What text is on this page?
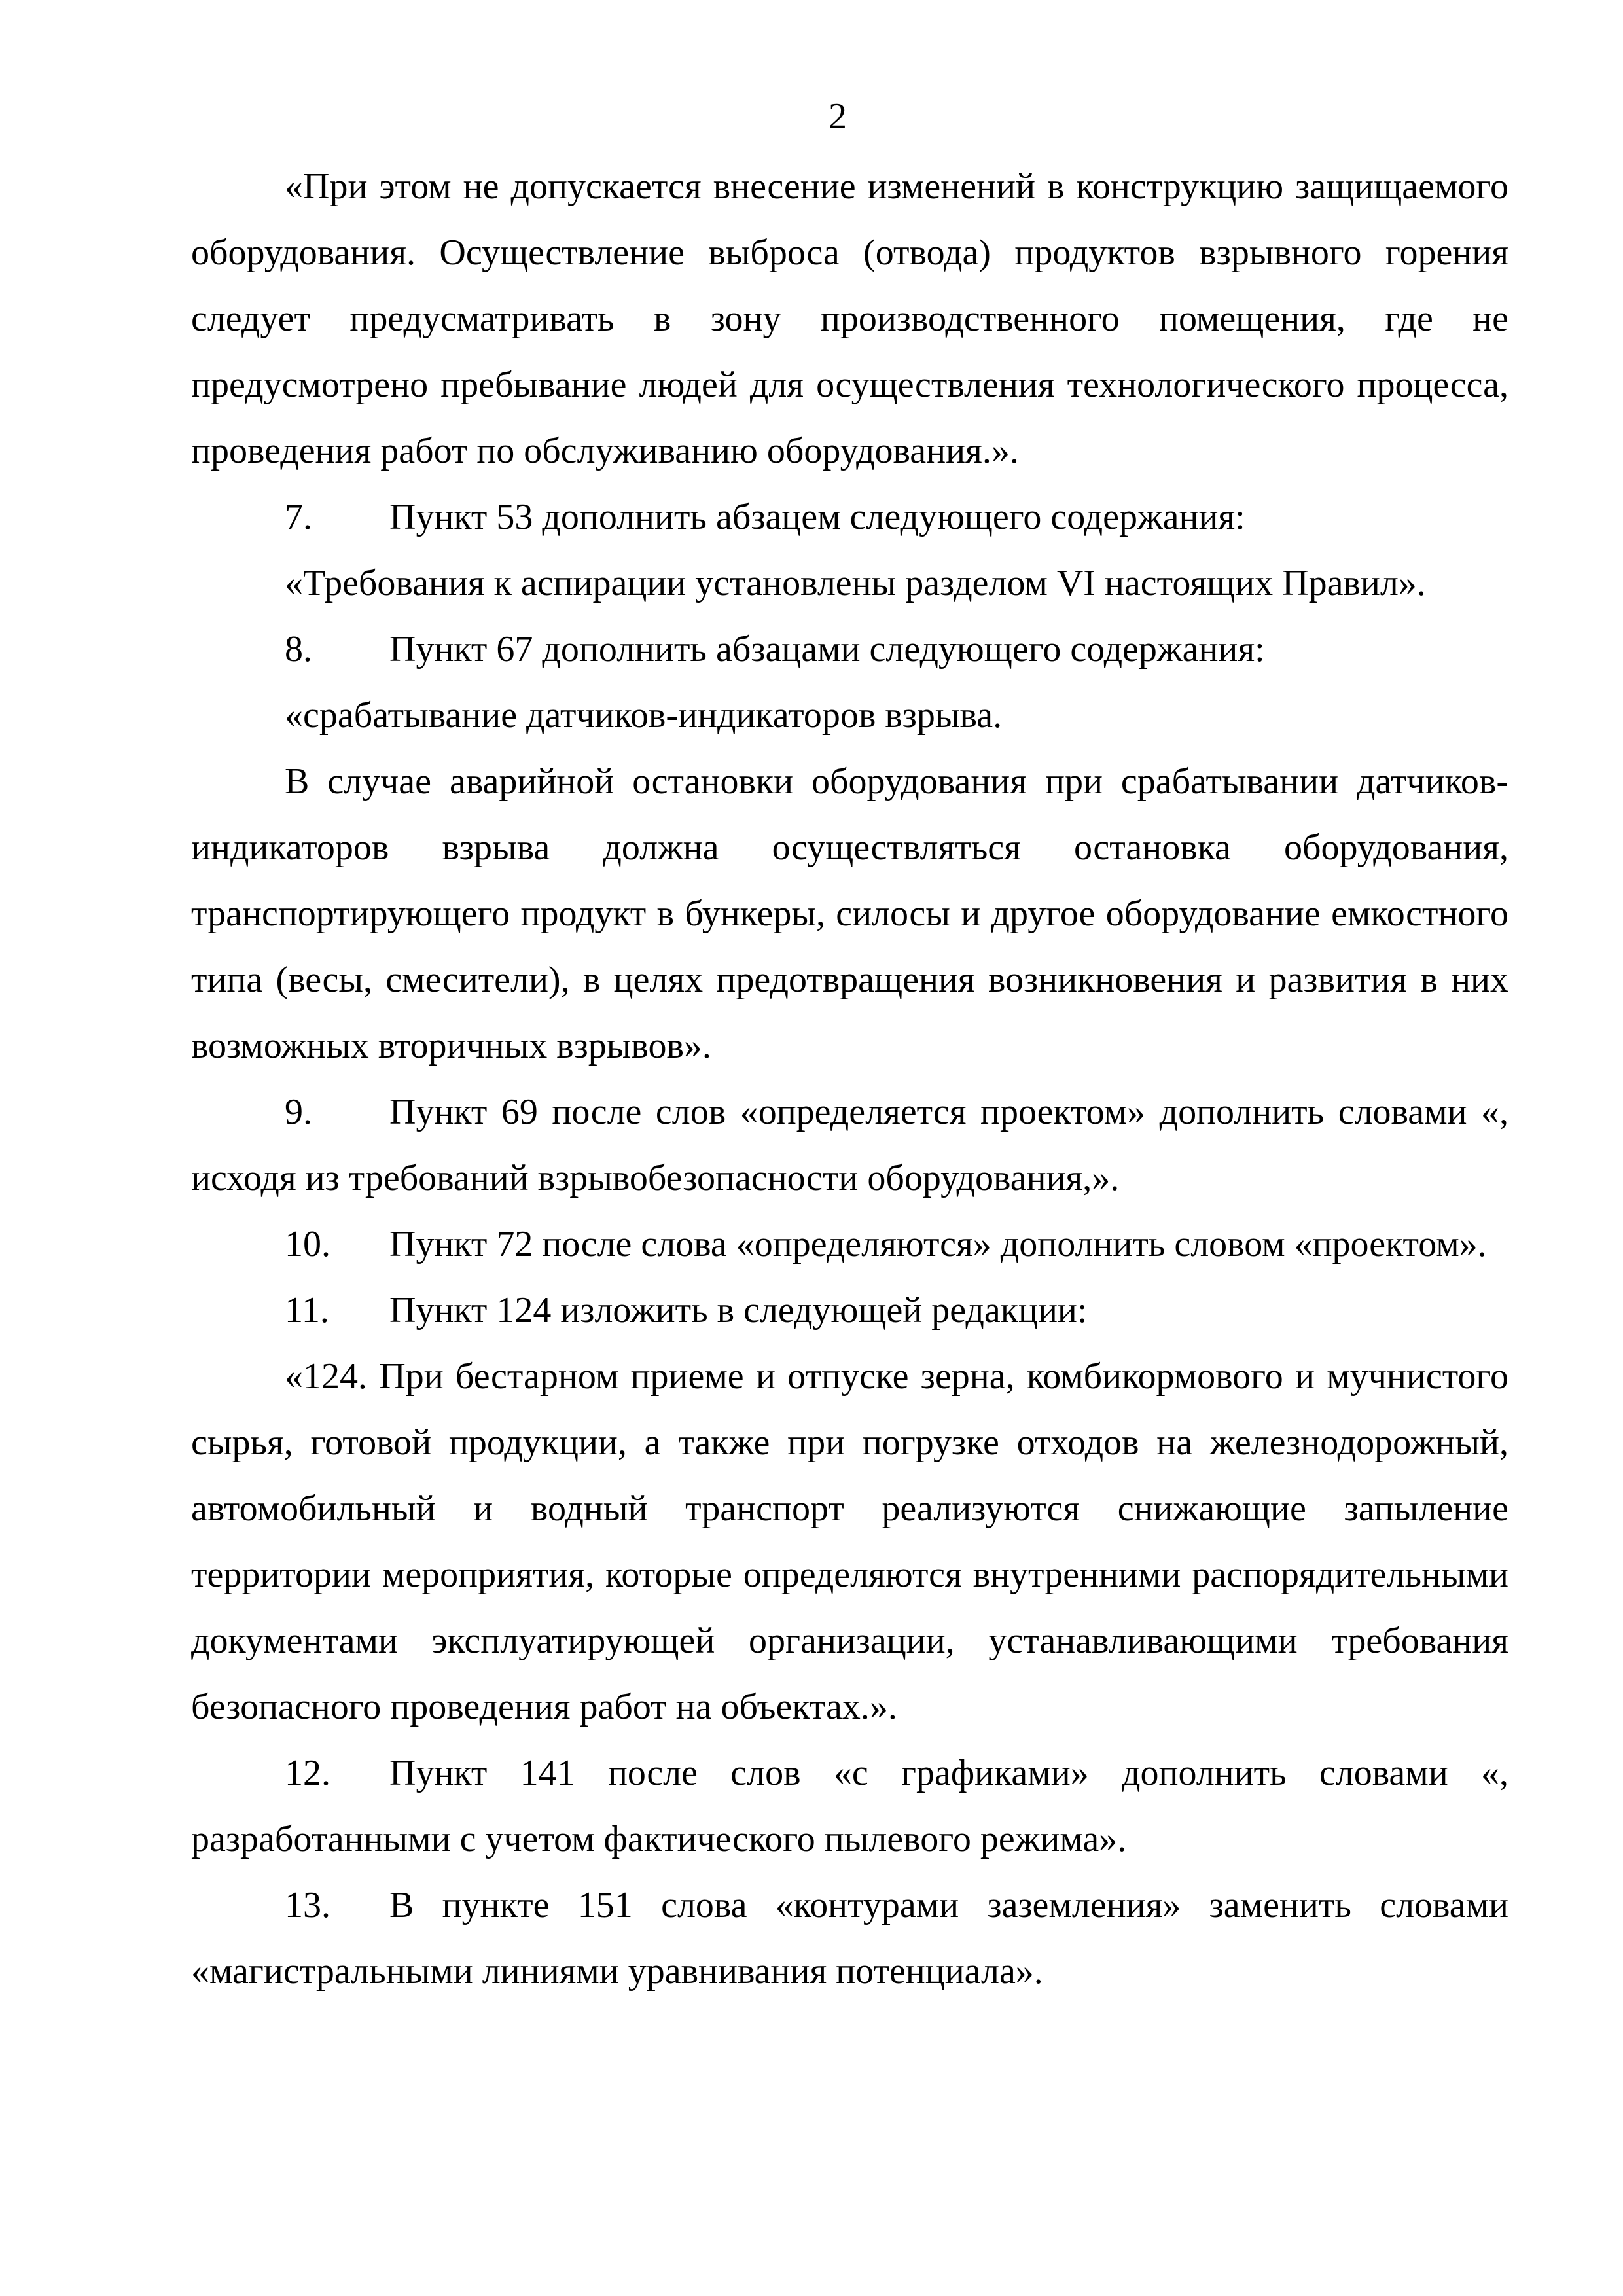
2

«При этом не допускается внесение изменений в конструкцию защищаемого оборудования. Осуществление выброса (отвода) продуктов взрывного горения следует предусматривать в зону производственного помещения, где не предусмотрено пребывание людей для осуществления технологического процесса, проведения работ по обслуживанию оборудования.».

7. Пункт 53 дополнить абзацем следующего содержания:

«Требования к аспирации установлены разделом VI настоящих Правил».

8. Пункт 67 дополнить абзацами следующего содержания:

«срабатывание датчиков-индикаторов взрыва.

В случае аварийной остановки оборудования при срабатывании датчиков-индикаторов взрыва должна осуществляться остановка оборудования, транспортирующего продукт в бункеры, силосы и другое оборудование емкостного типа (весы, смесители), в целях предотвращения возникновения и развития в них возможных вторичных взрывов».

9. Пункт 69 после слов «определяется проектом» дополнить словами «, исходя из требований взрывобезопасности оборудования,».

10. Пункт 72 после слова «определяются» дополнить словом «проектом».

11. Пункт 124 изложить в следующей редакции:

«124. При бестарном приеме и отпуске зерна, комбикормового и мучнистого сырья, готовой продукции, а также при погрузке отходов на железнодорожный, автомобильный и водный транспорт реализуются снижающие запыление территории мероприятия, которые определяются внутренними распорядительными документами эксплуатирующей организации, устанавливающими требования безопасного проведения работ на объектах.».

12. Пункт 141 после слов «с графиками» дополнить словами «, разработанными с учетом фактического пылевого режима».

13. В пункте 151 слова «контурами заземления» заменить словами «магистральными линиями уравнивания потенциала».
